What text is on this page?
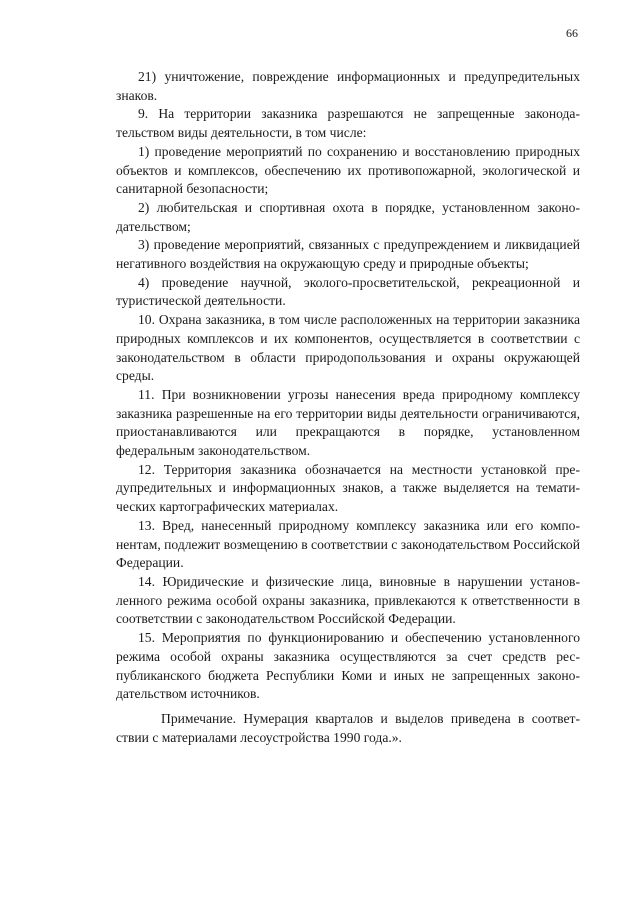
66

21) уничтожение, повреждение информационных и предупредительных знаков.

9. На территории заказника разрешаются не запрещенные законодательством виды деятельности, в том числе:

1) проведение мероприятий по сохранению и восстановлению природных объектов и комплексов, обеспечению их противопожарной, экологической и санитарной безопасности;

2) любительская и спортивная охота в порядке, установленном законодательством;

3) проведение мероприятий, связанных с предупреждением и ликвидацией негативного воздействия на окружающую среду и природные объекты;

4) проведение научной, эколого-просветительской, рекреационной и туристической деятельности.

10. Охрана заказника, в том числе расположенных на территории заказника природных комплексов и их компонентов, осуществляется в соответствии с законодательством в области природопользования и охраны окружающей среды.

11. При возникновении угрозы нанесения вреда природному комплексу заказника разрешенные на его территории виды деятельности ограничиваются, приостанавливаются или прекращаются в порядке, установленном федеральным законодательством.

12. Территория заказника обозначается на местности установкой предупредительных и информационных знаков, а также выделяется на тематических картографических материалах.

13. Вред, нанесенный природному комплексу заказника или его компонентам, подлежит возмещению в соответствии с законодательством Российской Федерации.

14. Юридические и физические лица, виновные в нарушении установленного режима особой охраны заказника, привлекаются к ответственности в соответствии с законодательством Российской Федерации.

15. Мероприятия по функционированию и обеспечению установленного режима особой охраны заказника осуществляются за счет средств республиканского бюджета Республики Коми и иных не запрещенных законодательством источников.

Примечание. Нумерация кварталов и выделов приведена в соответствии с материалами лесоустройства 1990 года.».
